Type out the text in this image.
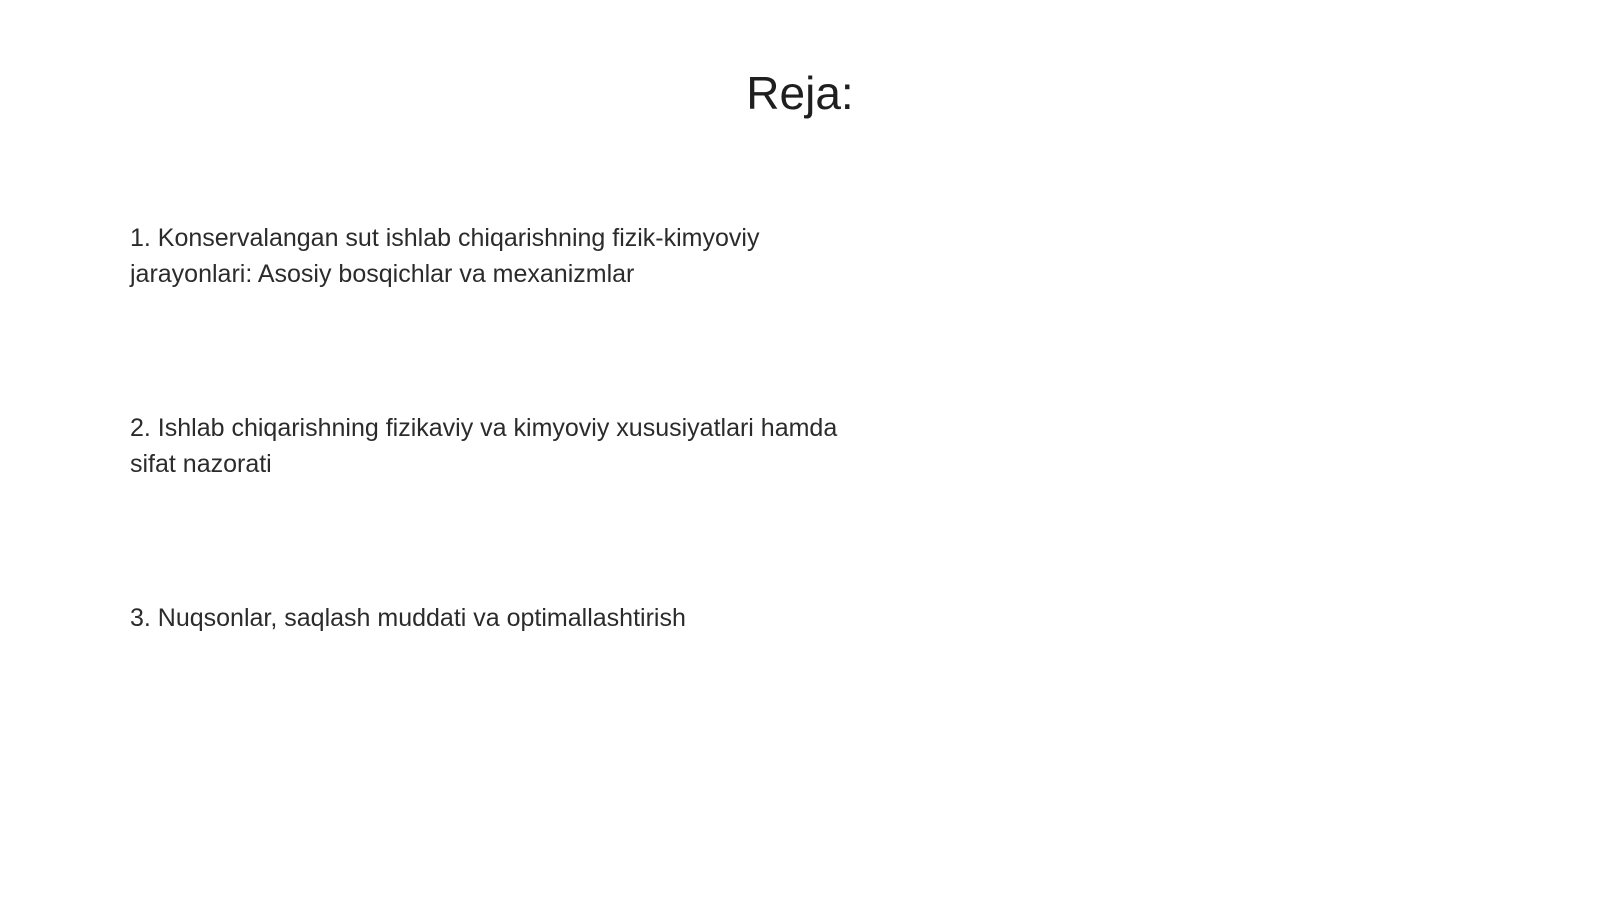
Reja:
1. Konservalangan sut ishlab chiqarishning fizik-kimyoviy jarayonlari: Asosiy bosqichlar va mexanizmlar
2. Ishlab chiqarishning fizikaviy va kimyoviy xususiyatlari hamda sifat nazorati
3. Nuqsonlar, saqlash muddati va optimallashtirish
